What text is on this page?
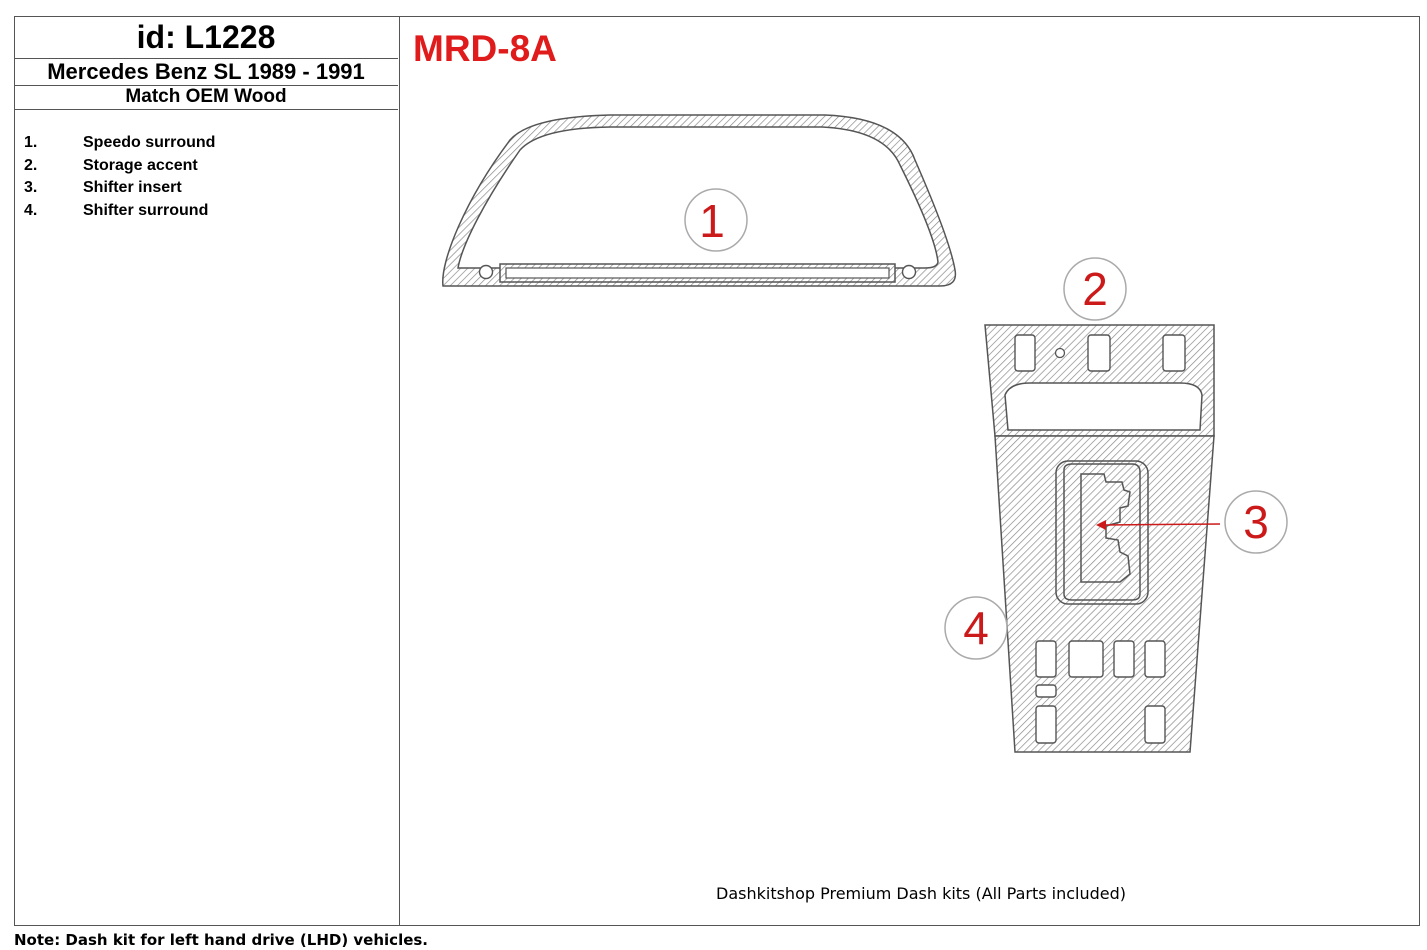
id: L1228
Mercedes Benz SL 1989 - 1991
Match OEM Wood
1.	Speedo surround
2.	Storage accent
3.	Shifter insert
4.	Shifter surround
MRD-8A
1
2
3
4
Dashkitshop Premium Dash kits (All Parts included)
Note: Dash kit for left hand drive (LHD) vehicles.
